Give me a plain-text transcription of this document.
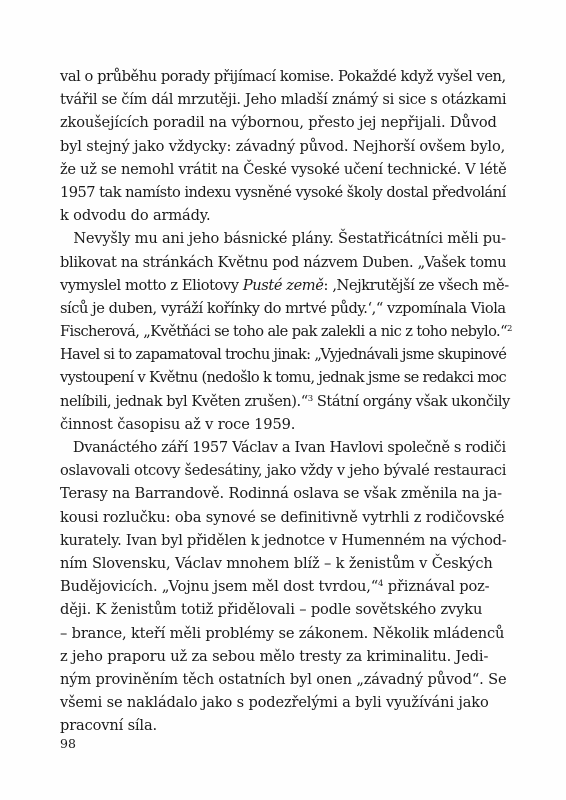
val o průběhu porady přijímací komise. Pokaždé když vyšel ven,
tvářil se čím dál mrzutěji. Jeho mladší známý si sice s otázkami
zkoušejících poradil na výbornou, přesto jej nepřijali. Důvod
byl stejný jako vždycky: závadný původ. Nejhorší ovšem bylo,
že už se nemohl vrátit na České vysoké učení technické. V létě
1957 tak namísto indexu vysněné vysoké školy dostal předvolání
k odvodu do armády.
Nevyšly mu ani jeho básnické plány. Šestatřicátníci měli pu-
blikovat na stránkách Květnu pod názvem Duben. „Vašek tomu
vymyslel motto z Eliotovy Pusté země: ‚Nejkrutější ze všech mě-
síců je duben, vyráží kořínky do mrtvé půdy.‘,“ vzpomínala Viola
Fischerová, „Květňáci se toho ale pak zalekli a nic z toho nebylo.“$^2$
Havel si to zapamatoval trochu jinak: „Vyjednávali jsme skupinové
vystoupení v Květnu (nedošlo k tomu, jednak jsme se redakci moc
nelíbili, jednak byl Květen zrušen).“$^3$ Státní orgány však ukončily
činnost časopisu až v roce 1959.
Dvanáctého září 1957 Václav a Ivan Havlovi společně s rodiči
oslavovali otcovy šedesátiny, jako vždy v jeho bývalé restauraci
Terasy na Barrandově. Rodinná oslava se však změnila na ja-
kousi rozlučku: oba synové se definitivně vytrhli z rodičovské
kurately. Ivan byl přidělen k jednotce v Humenném na východ-
ním Slovensku, Václav mnohem blíž – k ženistům v Českých
Budějovicích. „Vojnu jsem měl dost tvrdou,“$^4$ přiznával poz-
ději. K ženistům totiž přidělovali – podle sovětského zvyku
– brance, kteří měli problémy se zákonem. Několik mládenců
z jeho praporu už za sebou mělo tresty za kriminalitu. Jedi-
ným proviněním těch ostatních byl onen „závadný původ“. Se
všemi se nakládalo jako s podezřelými a byli využíváni jako
pracovní síla.
98
